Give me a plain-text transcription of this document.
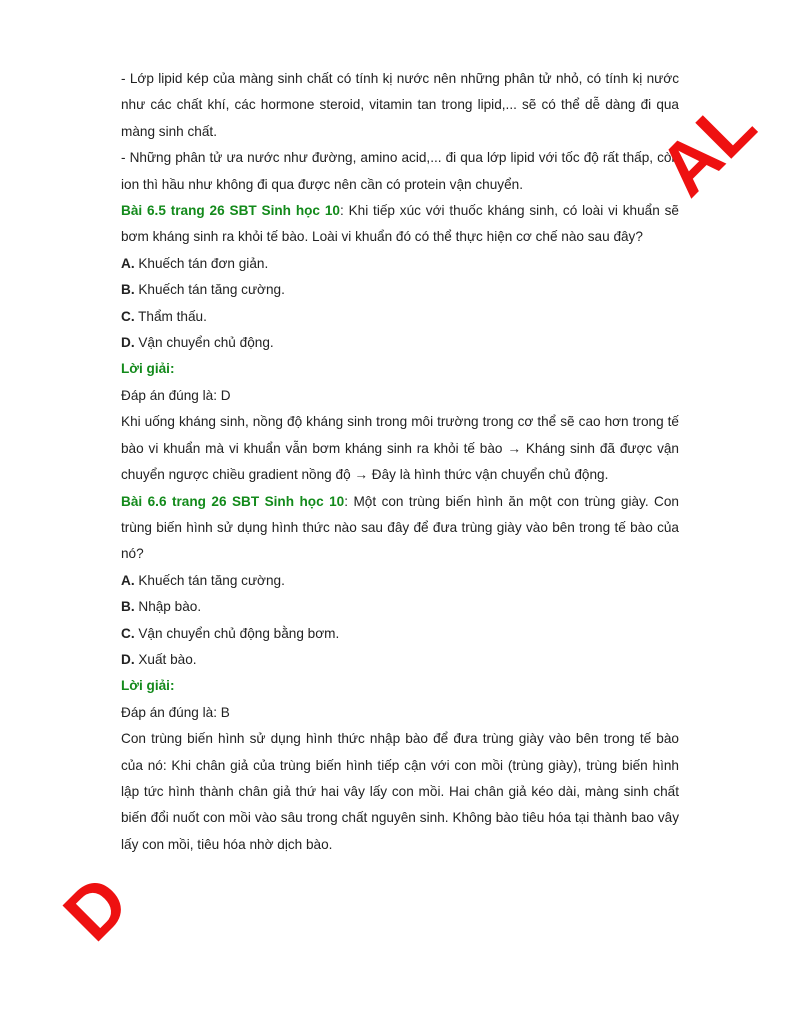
- Lớp lipid kép của màng sinh chất có tính kị nước nên những phân tử nhỏ, có tính kị nước như các chất khí, các hormone steroid, vitamin tan trong lipid,... sẽ có thể dễ dàng đi qua màng sinh chất.

- Những phân tử ưa nước như đường, amino acid,... đi qua lớp lipid với tốc độ rất thấp, còn ion thì hầu như không đi qua được nên cần có protein vận chuyển.

Bài 6.5 trang 26 SBT Sinh học 10: Khi tiếp xúc với thuốc kháng sinh, có loài vi khuẩn sẽ bơm kháng sinh ra khỏi tế bào. Loài vi khuẩn đó có thể thực hiện cơ chế nào sau đây?

A. Khuếch tán đơn giản.

B. Khuếch tán tăng cường.

C. Thẩm thấu.

D. Vận chuyển chủ động.

Lời giải:

Đáp án đúng là: D

Khi uống kháng sinh, nồng độ kháng sinh trong môi trường trong cơ thể sẽ cao hơn trong tế bào vi khuẩn mà vi khuẩn vẫn bơm kháng sinh ra khỏi tế bào → Kháng sinh đã được vận chuyển ngược chiều gradient nồng độ → Đây là hình thức vận chuyển chủ động.

Bài 6.6 trang 26 SBT Sinh học 10: Một con trùng biến hình ăn một con trùng giày. Con trùng biến hình sử dụng hình thức nào sau đây để đưa trùng giày vào bên trong tế bào của nó?

A. Khuếch tán tăng cường.

B. Nhập bào.

C. Vận chuyển chủ động bằng bơm.

D. Xuất bào.

Lời giải:

Đáp án đúng là: B

Con trùng biến hình sử dụng hình thức nhập bào để đưa trùng giày vào bên trong tế bào của nó: Khi chân giả của trùng biến hình tiếp cận với con mồi (trùng giày), trùng biến hình lập tức hình thành chân giả thứ hai vây lấy con mồi. Hai chân giả kéo dài, màng sinh chất biến đổi nuốt con mồi vào sâu trong chất nguyên sinh. Không bào tiêu hóa tại thành bao vây lấy con mồi, tiêu hóa nhờ dịch bào.

AL
D
